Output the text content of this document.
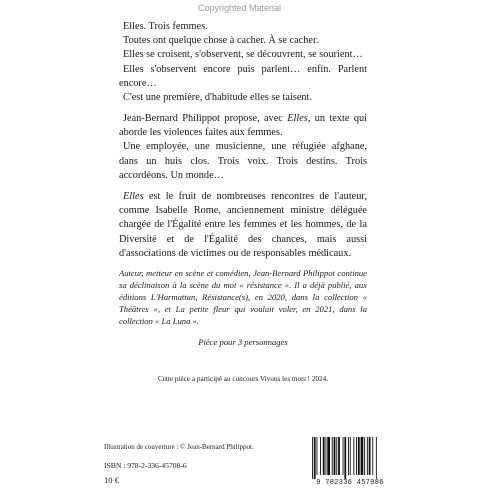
Copyrighted Material

Elles. Trois femmes.

Toutes ont quelque chose à cacher. À se cacher.

Elles se croisent, s'observent, se découvrent, se sourient…

Elles s'observent encore puis parlent… enfin. Parlent encore…

C'est une première, d'habitude elles se taisent.

Jean-Bernard Philippot propose, avec Elles, un texte qui aborde les violences faites aux femmes.

Une employée, une musicienne, une réfugiée afghane, dans un huis clos. Trois voix. Trois destins. Trois accordéons. Un monde…

Elles est le fruit de nombreuses rencontres de l'auteur, comme Isabelle Rome, anciennement ministre déléguée chargée de l'Égalité entre les femmes et les hommes, de la Diversité et de l'Égalité des chances, mais aussi d'associations de victimes ou de responsables médicaux.

Auteur, metteur en scène et comédien, Jean-Bernard Philippot continue sa déclinaison à la scène du mot « résistance ». Il a déjà publié, aux éditions L'Harmattan, Résistance(s), en 2020, dans la collection « Théâtres », et La petite fleur qui voulait voler, en 2021, dans la collection « La Luna ».

Pièce pour 3 personnages
Cette pièce a participé au concours Vivons les mots ! 2024.
Illustration de couverture : © Jean-Bernard Philippot.
ISBN : 978-2-336-45708-6
10 €	9 782336 457086
